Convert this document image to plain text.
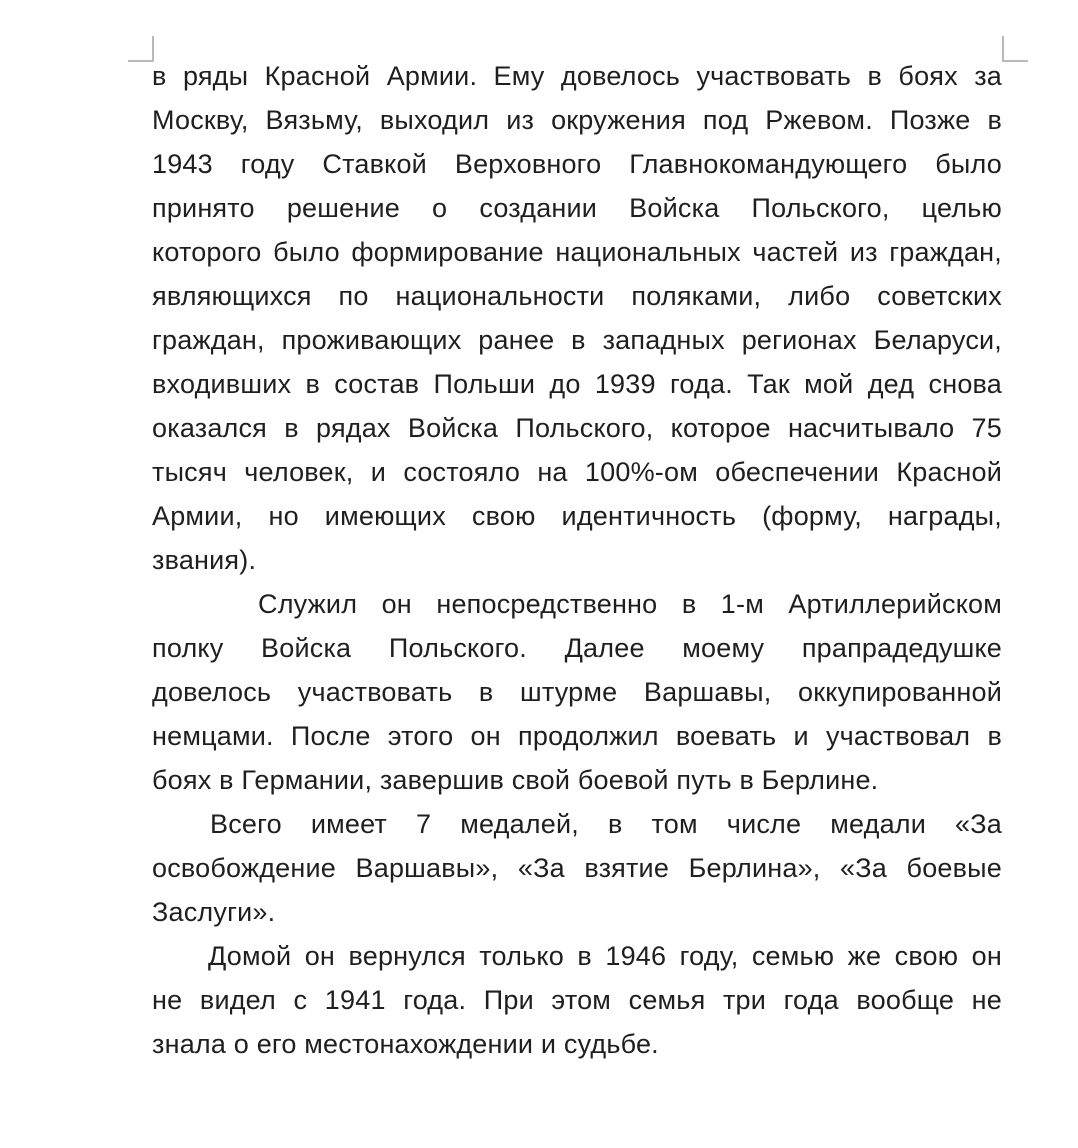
в ряды Красной Армии. Ему довелось участвовать в боях за
Москву, Вязьму, выходил из окружения под Ржевом. Позже в
1943 году Ставкой Верховного Главнокомандующего было
принято решение о создании Войска Польского, целью
которого было формирование национальных частей из граждан,
являющихся по национальности поляками, либо советских
граждан, проживающих ранее в западных регионах Беларуси,
входивших в состав Польши до 1939 года. Так мой дед снова
оказался в рядах Войска Польского, которое насчитывало 75
тысяч человек, и состояло на 100%-ом обеспечении Красной
Армии, но имеющих свою идентичность (форму, награды,
звания).
Служил он непосредственно в 1-м Артиллерийском
полку Войска Польского. Далее моему прапрадедушке
довелось участвовать в штурме Варшавы, оккупированной
немцами. После этого он продолжил воевать и участвовал в
боях в Германии, завершив свой боевой путь в Берлине.
Всего имеет 7 медалей, в том числе медали «За
освобождение Варшавы», «За взятие Берлина», «За боевые
Заслуги».
Домой он вернулся только в 1946 году, семью же свою он
не видел с 1941 года. При этом семья три года вообще не
знала о его местонахождении и судьбе.
